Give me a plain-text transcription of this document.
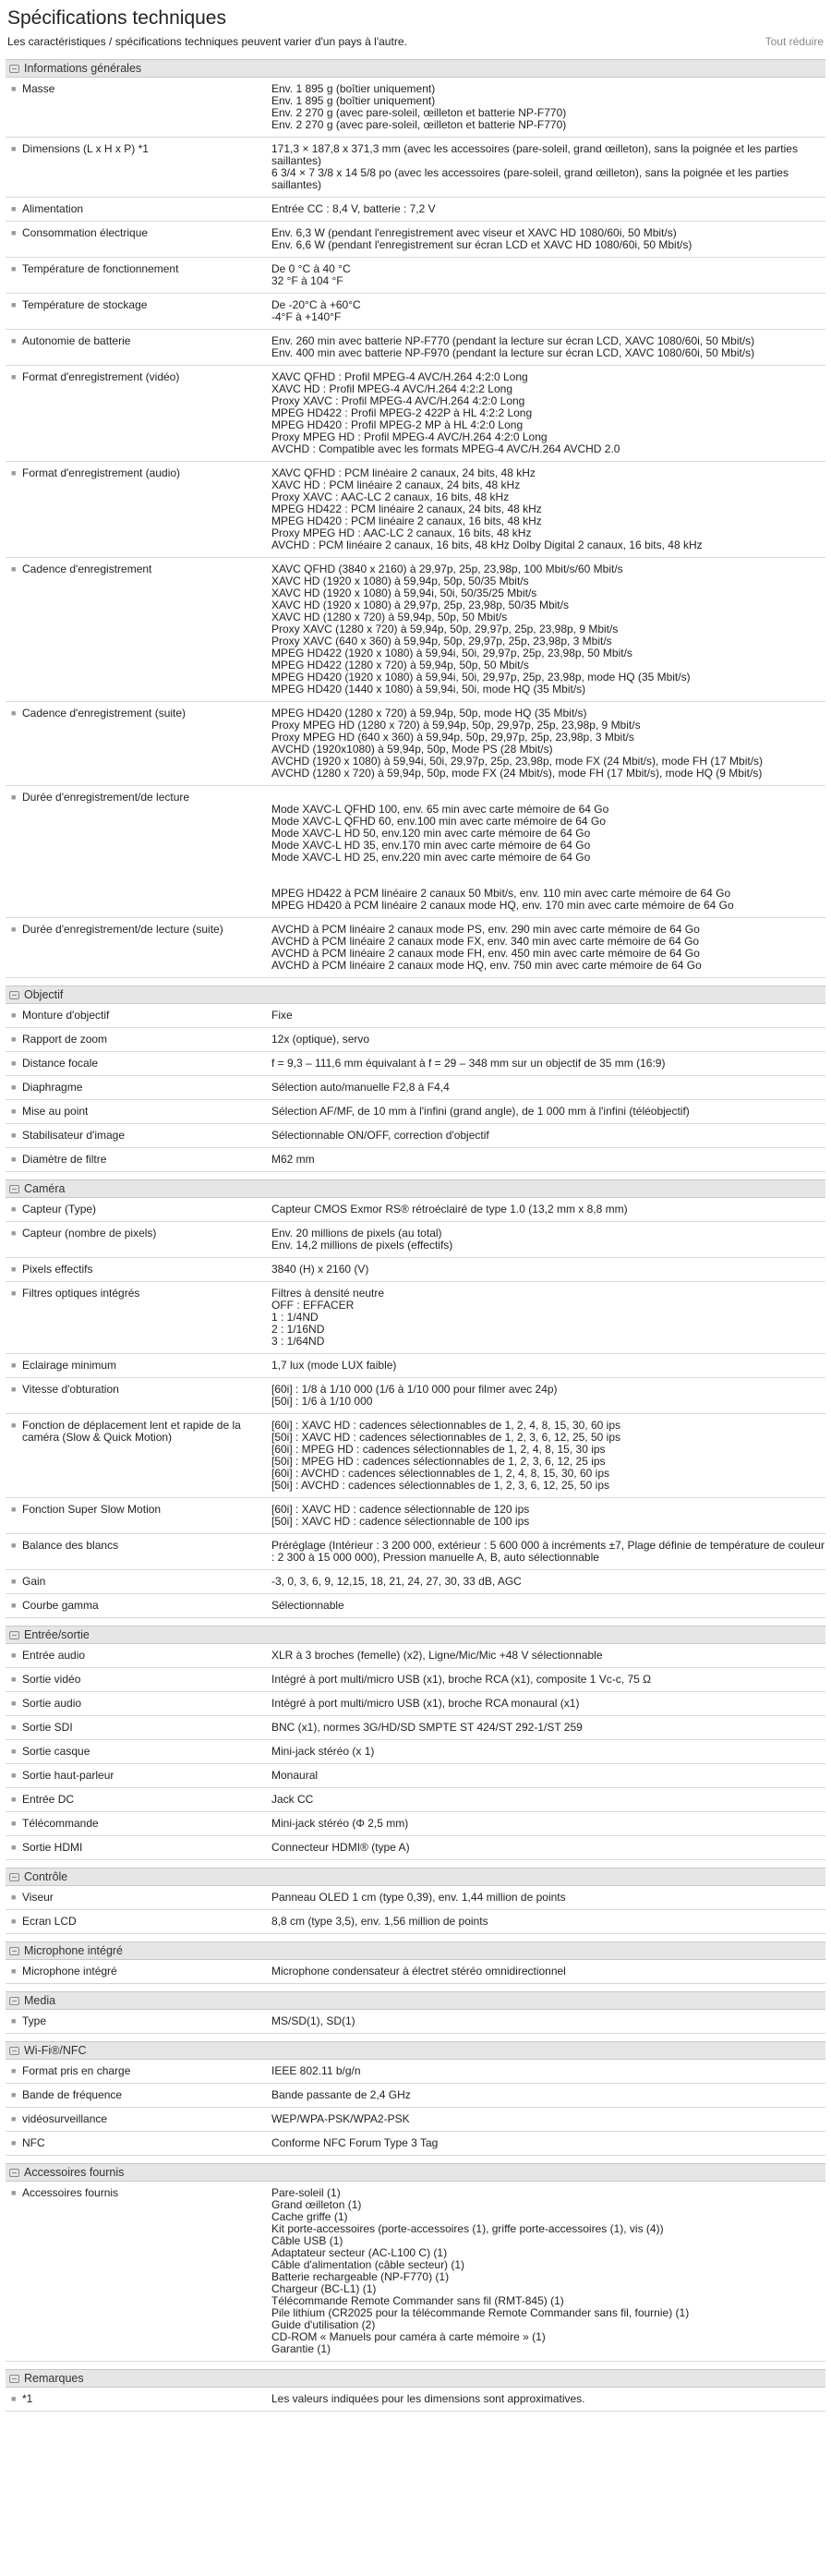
Spécifications techniques
Les caractéristiques / spécifications techniques peuvent varier d'un pays à l'autre.	Tout réduire
Informations générales
■ Masse	Env. 1 895 g (boîtier uniquement)
Env. 1 895 g (boîtier uniquement)
Env. 2 270 g (avec pare-soleil, œilleton et batterie NP-F770)
Env. 2 270 g (avec pare-soleil, œilleton et batterie NP-F770)
■ Dimensions (L x H x P) *1	171,3 × 187,8 x 371,3 mm (avec les accessoires (pare-soleil, grand œilleton), sans la poignée et les parties saillantes)
6 3/4 × 7 3/8 x 14 5/8 po (avec les accessoires (pare-soleil, grand œilleton), sans la poignée et les parties saillantes)
■ Alimentation	Entrée CC : 8,4 V, batterie : 7,2 V
■ Consommation électrique	Env. 6,3 W (pendant l'enregistrement avec viseur et XAVC HD 1080/60i, 50 Mbit/s)
Env. 6,6 W (pendant l'enregistrement sur écran LCD et XAVC HD 1080/60i, 50 Mbit/s)
■ Température de fonctionnement	De 0 °C à 40 °C
32 °F à 104 °F
■ Température de stockage	De -20°C à +60°C
-4°F à +140°F
■ Autonomie de batterie	Env. 260 min avec batterie NP-F770 (pendant la lecture sur écran LCD, XAVC 1080/60i, 50 Mbit/s)
Env. 400 min avec batterie NP-F970 (pendant la lecture sur écran LCD, XAVC 1080/60i, 50 Mbit/s)
■ Format d'enregistrement (vidéo)	XAVC QFHD : Profil MPEG-4 AVC/H.264 4:2:0 Long
XAVC HD : Profil MPEG-4 AVC/H.264 4:2:2 Long
Proxy XAVC : Profil MPEG-4 AVC/H.264 4:2:0 Long
MPEG HD422 : Profil MPEG-2 422P à HL 4:2:2 Long
MPEG HD420 : Profil MPEG-2 MP à HL 4:2:0 Long
Proxy MPEG HD : Profil MPEG-4 AVC/H.264 4:2:0 Long
AVCHD : Compatible avec les formats MPEG-4 AVC/H.264 AVCHD 2.0
■ Format d'enregistrement (audio)	XAVC QFHD : PCM linéaire 2 canaux, 24 bits, 48 kHz
XAVC HD : PCM linéaire 2 canaux, 24 bits, 48 kHz
Proxy XAVC : AAC-LC 2 canaux, 16 bits, 48 kHz
MPEG HD422 : PCM linéaire 2 canaux, 24 bits, 48 kHz
MPEG HD420 : PCM linéaire 2 canaux, 16 bits, 48 kHz
Proxy MPEG HD : AAC-LC 2 canaux, 16 bits, 48 kHz
AVCHD : PCM linéaire 2 canaux, 16 bits, 48 kHz Dolby Digital 2 canaux, 16 bits, 48 kHz
■ Cadence d'enregistrement	XAVC QFHD (3840 x 2160) à 29,97p, 25p, 23,98p, 100 Mbit/s/60 Mbit/s
XAVC HD (1920 x 1080) à 59,94p, 50p, 50/35 Mbit/s
XAVC HD (1920 x 1080) à 59,94i, 50i, 50/35/25 Mbit/s
XAVC HD (1920 x 1080) à 29,97p, 25p, 23,98p, 50/35 Mbit/s
XAVC HD (1280 x 720) à 59,94p, 50p, 50 Mbit/s
Proxy XAVC (1280 x 720) à 59,94p, 50p, 29,97p, 25p, 23,98p, 9 Mbit/s
Proxy XAVC (640 x 360) à 59,94p, 50p, 29,97p, 25p, 23,98p, 3 Mbit/s
MPEG HD422 (1920 x 1080) à 59,94i, 50i, 29,97p, 25p, 23,98p, 50 Mbit/s
MPEG HD422 (1280 x 720) à 59,94p, 50p, 50 Mbit/s
MPEG HD420 (1920 x 1080) à 59,94i, 50i, 29,97p, 25p, 23,98p, mode HQ (35 Mbit/s)
MPEG HD420 (1440 x 1080) à 59,94i, 50i, mode HQ (35 Mbit/s)
■ Cadence d'enregistrement (suite)	MPEG HD420 (1280 x 720) à 59,94p, 50p, mode HQ (35 Mbit/s)
Proxy MPEG HD (1280 x 720) à 59,94p, 50p, 29,97p, 25p, 23,98p, 9 Mbit/s
Proxy MPEG HD (640 x 360) à 59,94p, 50p, 29,97p, 25p, 23,98p, 3 Mbit/s
AVCHD (1920x1080) à 59,94p, 50p, Mode PS (28 Mbit/s)
AVCHD (1920 x 1080) à 59,94i, 50i, 29,97p, 25p, 23,98p, mode FX (24 Mbit/s), mode FH (17 Mbit/s)
AVCHD (1280 x 720) à 59,94p, 50p, mode FX (24 Mbit/s), mode FH (17 Mbit/s), mode HQ (9 Mbit/s)
■ Durée d'enregistrement/de lecture
Mode XAVC-L QFHD 100, env. 65 min avec carte mémoire de 64 Go
Mode XAVC-L QFHD 60, env.100 min avec carte mémoire de 64 Go
Mode XAVC-L HD 50, env.120 min avec carte mémoire de 64 Go
Mode XAVC-L HD 35, env.170 min avec carte mémoire de 64 Go
Mode XAVC-L HD 25, env.220 min avec carte mémoire de 64 Go
MPEG HD422 à PCM linéaire 2 canaux 50 Mbit/s, env. 110 min avec carte mémoire de 64 Go
MPEG HD420 à PCM linéaire 2 canaux mode HQ, env. 170 min avec carte mémoire de 64 Go
■ Durée d'enregistrement/de lecture (suite)	AVCHD à PCM linéaire 2 canaux mode PS, env. 290 min avec carte mémoire de 64 Go
AVCHD à PCM linéaire 2 canaux mode FX, env. 340 min avec carte mémoire de 64 Go
AVCHD à PCM linéaire 2 canaux mode FH, env. 450 min avec carte mémoire de 64 Go
AVCHD à PCM linéaire 2 canaux mode HQ, env. 750 min avec carte mémoire de 64 Go
Objectif
■ Monture d'objectif	Fixe
■ Rapport de zoom	12x (optique), servo
■ Distance focale	f = 9,3 – 111,6 mm équivalant à f = 29 – 348 mm sur un objectif de 35 mm (16:9)
■ Diaphragme	Sélection auto/manuelle F2,8 à F4,4
■ Mise au point	Sélection AF/MF, de 10 mm à l'infini (grand angle), de 1 000 mm à l'infini (téléobjectif)
■ Stabilisateur d'image	Sélectionnable ON/OFF, correction d'objectif
■ Diamètre de filtre	M62 mm
Caméra
■ Capteur (Type)	Capteur CMOS Exmor RS® rétroéclairé de type 1.0 (13,2 mm x 8,8 mm)
■ Capteur (nombre de pixels)	Env. 20 millions de pixels (au total)
Env. 14,2 millions de pixels (effectifs)
■ Pixels effectifs	3840 (H) x 2160 (V)
■ Filtres optiques intégrés	Filtres à densité neutre
OFF : EFFACER
1 : 1/4ND
2 : 1/16ND
3 : 1/64ND
■ Eclairage minimum	1,7 lux (mode LUX faible)
■ Vitesse d'obturation	[60i] : 1/8 à 1/10 000 (1/6 à 1/10 000 pour filmer avec 24p)
[50i] : 1/6 à 1/10 000
■ Fonction de déplacement lent et rapide de la caméra (Slow & Quick Motion)
[60i] : XAVC HD : cadences sélectionnables de 1, 2, 4, 8, 15, 30, 60 ips
[50i] : XAVC HD : cadences sélectionnables de 1, 2, 3, 6, 12, 25, 50 ips
[60i] : MPEG HD : cadences sélectionnables de 1, 2, 4, 8, 15, 30 ips
[50i] : MPEG HD : cadences sélectionnables de 1, 2, 3, 6, 12, 25 ips
[60i] : AVCHD : cadences sélectionnables de 1, 2, 4, 8, 15, 30, 60 ips
[50i] : AVCHD : cadences sélectionnables de 1, 2, 3, 6, 12, 25, 50 ips
■ Fonction Super Slow Motion	[60i] : XAVC HD : cadence sélectionnable de 120 ips
[50i] : XAVC HD : cadence sélectionnable de 100 ips
■ Balance des blancs	Préréglage (Intérieur : 3 200 000, extérieur : 5 600 000 à incréments ±7, Plage définie de température de couleur : 2 300 à 15 000 000), Pression manuelle A, B, auto sélectionnable
■ Gain	-3, 0, 3, 6, 9, 12,15, 18, 21, 24, 27, 30, 33 dB, AGC
■ Courbe gamma	Sélectionnable
Entrée/sortie
■ Entrée audio	XLR à 3 broches (femelle) (x2), Ligne/Mic/Mic +48 V sélectionnable
■ Sortie vidéo	Intégré à port multi/micro USB (x1), broche RCA (x1), composite 1 Vc-c, 75 Ω
■ Sortie audio	Intégré à port multi/micro USB (x1), broche RCA monaural (x1)
■ Sortie SDI	BNC (x1), normes 3G/HD/SD SMPTE ST 424/ST 292-1/ST 259
■ Sortie casque	Mini-jack stéréo (x 1)
■ Sortie haut-parleur	Monaural
■ Entrée DC	Jack CC
■ Télécommande	Mini-jack stéréo (Φ 2,5 mm)
■ Sortie HDMI	Connecteur HDMI® (type A)
Contrôle
■ Viseur	Panneau OLED 1 cm (type 0,39), env. 1,44 million de points
■ Ecran LCD	8,8 cm (type 3,5), env. 1,56 million de points
Microphone intégré
■ Microphone intégré	Microphone condensateur à électret stéréo omnidirectionnel
Media
■ Type	MS/SD(1), SD(1)
Wi-Fi®/NFC
■ Format pris en charge	IEEE 802.11 b/g/n
■ Bande de fréquence	Bande passante de 2,4 GHz
■ vidéosurveillance	WEP/WPA-PSK/WPA2-PSK
■ NFC	Conforme NFC Forum Type 3 Tag
Accessoires fournis
■ Accessoires fournis	Pare-soleil (1)
Grand œilleton (1)
Cache griffe (1)
Kit porte-accessoires (porte-accessoires (1), griffe porte-accessoires (1), vis (4))
Câble USB (1)
Adaptateur secteur (AC-L100 C) (1)
Câble d'alimentation (câble secteur) (1)
Batterie rechargeable (NP-F770) (1)
Chargeur (BC-L1) (1)
Télécommande Remote Commander sans fil (RMT-845) (1)
Pile lithium (CR2025 pour la télécommande Remote Commander sans fil, fournie) (1)
Guide d'utilisation (2)
CD-ROM « Manuels pour caméra à carte mémoire » (1)
Garantie (1)
Remarques
■ *1	Les valeurs indiquées pour les dimensions sont approximatives.
